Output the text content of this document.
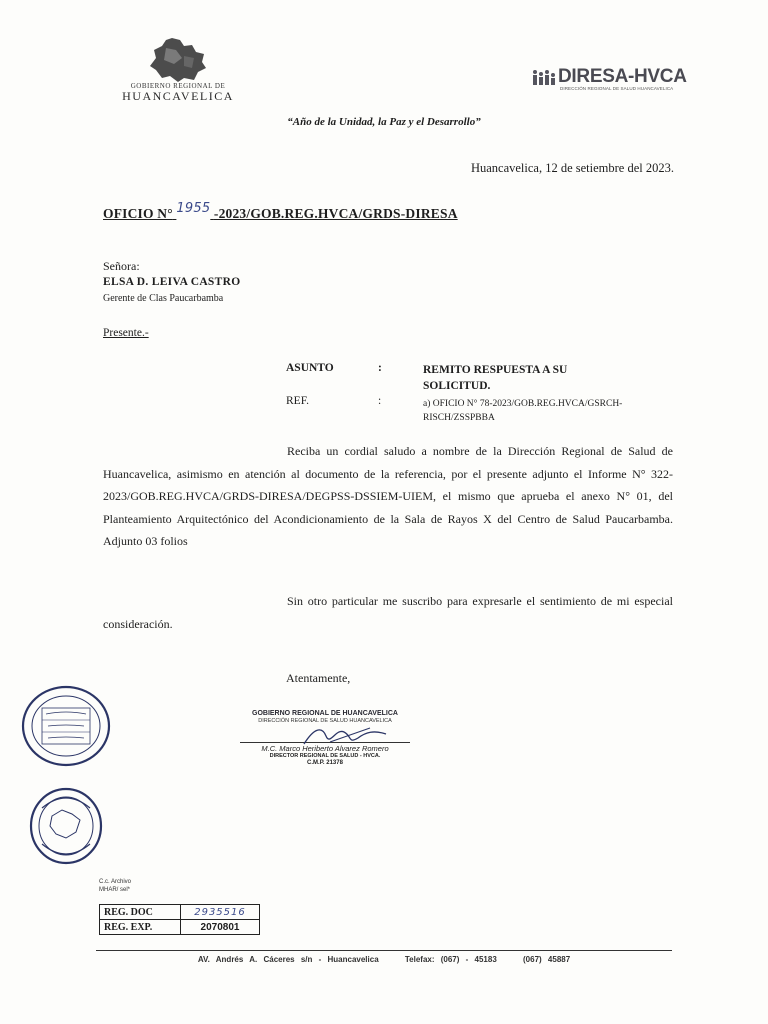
GOBIERNO REGIONAL DE
HUANCAVELICA
DIRESA-HVCA
DIRECCIÓN REGIONAL DE SALUD HUANCAVELICA
“Año de la Unidad, la Paz y el Desarrollo”
Huancavelica, 12 de setiembre del 2023.
OFICIO N° 1955 -2023/GOB.REG.HVCA/GRDS-DIRESA
Señora:
ELSA D. LEIVA CASTRO
Gerente de Clas Paucarbamba
Presente.-
ASUNTO	:	REMITO RESPUESTA A SU SOLICITUD.
REF.	:	a) OFICIO N° 78-2023/GOB.REG.HVCA/GSRCH-RISCH/ZSSPBBA
Reciba un cordial saludo a nombre de la Dirección Regional de Salud de Huancavelica, asimismo en atención al documento de la referencia, por el presente adjunto el Informe N° 322-2023/GOB.REG.HVCA/GRDS-DIRESA/DEGPSS-DSSIEM-UIEM, el mismo que aprueba el anexo N° 01, del Planteamiento Arquitectónico del Acondicionamiento de la Sala de Rayos X del Centro de Salud Paucarbamba. Adjunto 03 folios
Sin otro particular me suscribo para expresarle el sentimiento de mi especial consideración.
Atentamente,
GOBIERNO REGIONAL DE HUANCAVELICA
DIRECCIÓN REGIONAL DE SALUD HUANCAVELICA
M.C. Marco Heriberto Alvarez Romero
DIRECTOR REGIONAL DE SALUD - HVCA.
C.M.P. 21378
C.c. Archivo
MHAR/ sel*
REG. DOC	2935516
REG. EXP.	2070801
AV. Andrés A. Cáceres s/n - Huancavelica	Telefax: (067) - 45183	(067) 45887
